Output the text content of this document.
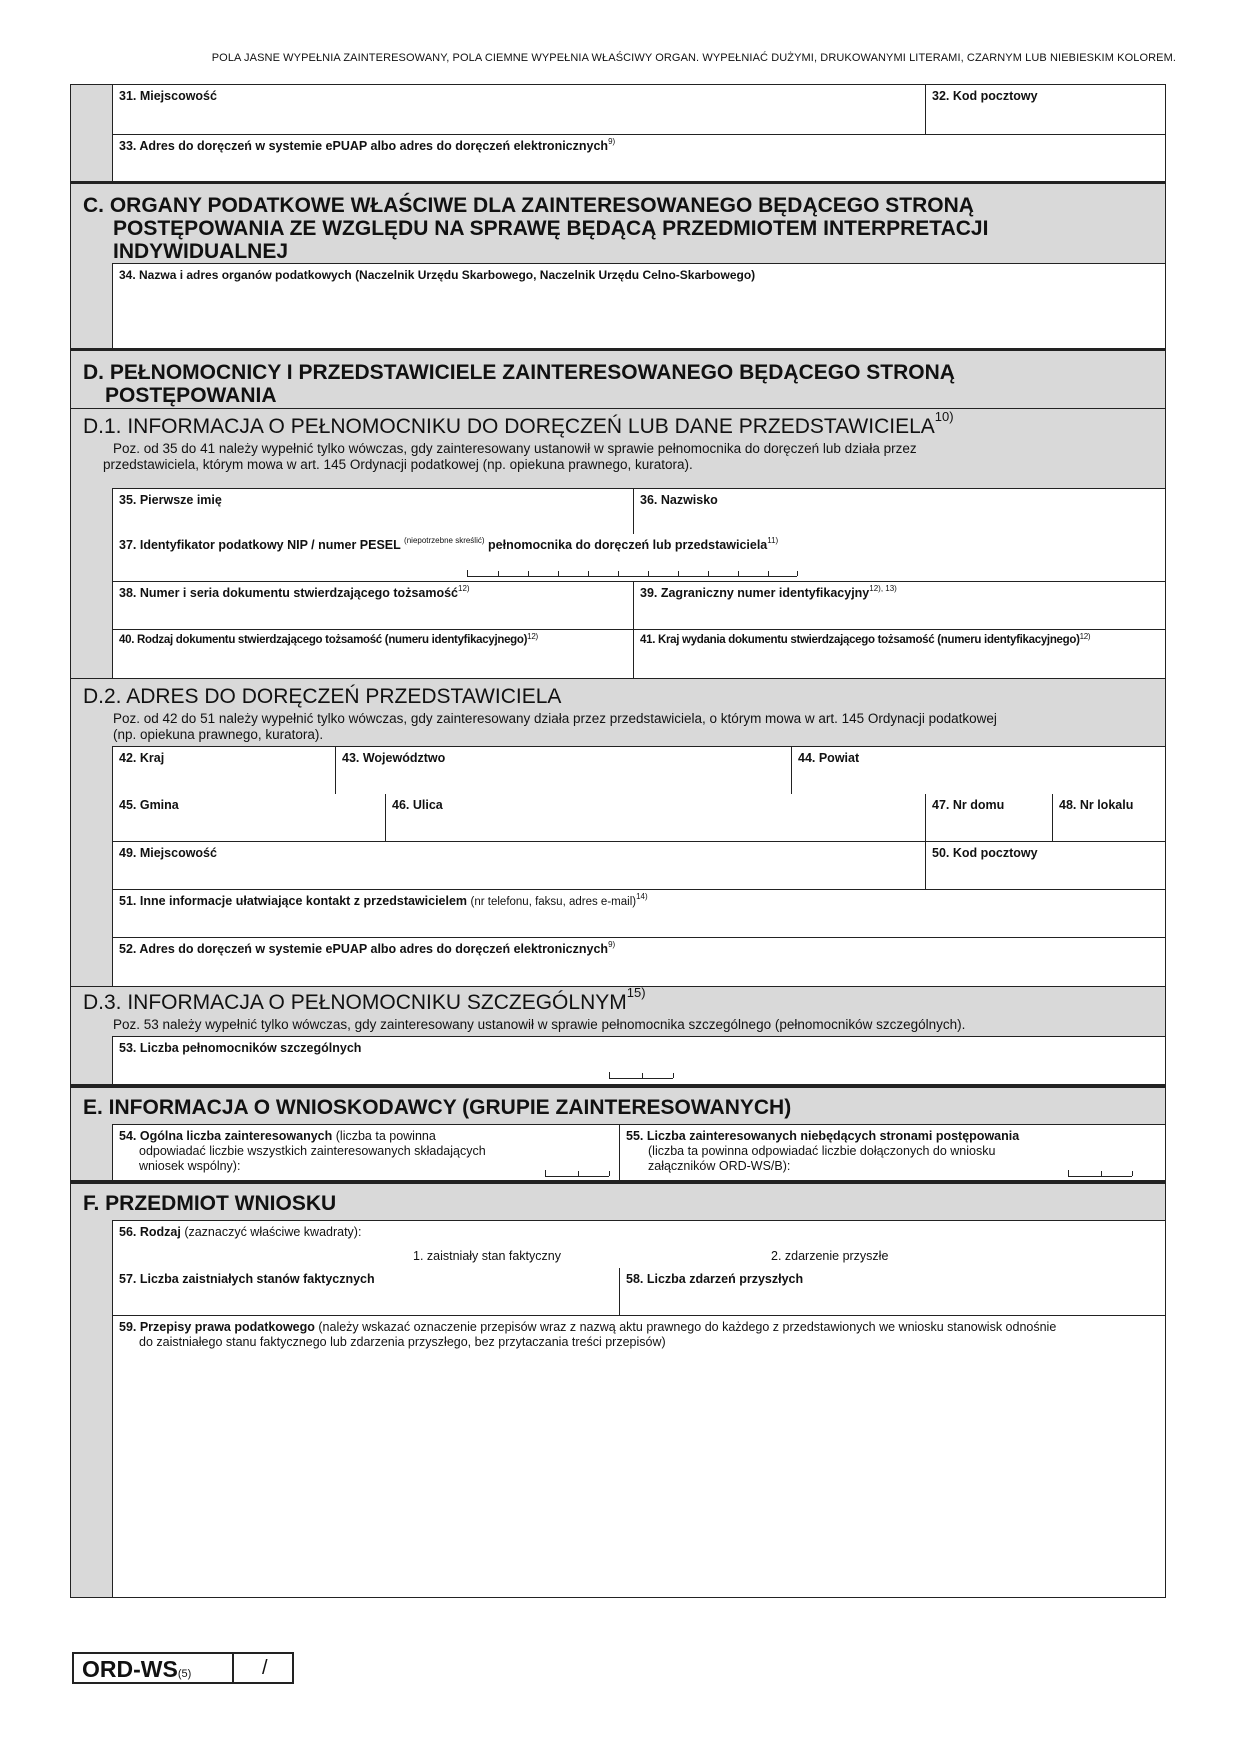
POLA JASNE WYPEŁNIA ZAINTERESOWANY, POLA CIEMNE WYPEŁNIA WŁAŚCIWY ORGAN. WYPEŁNIAĆ DUŻYMI, DRUKOWANYMI LITERAMI, CZARNYM LUB NIEBIESKIM KOLOREM.
31. Miejscowość	32. Kod pocztowy
33. Adres do doręczeń w systemie ePUAP albo adres do doręczeń elektronicznych$^{9)}$
C. ORGANY PODATKOWE WŁAŚCIWE DLA ZAINTERESOWANEGO BĘDĄCEGO STRONĄ
POSTĘPOWANIA ZE WZGLĘDU NA SPRAWĘ BĘDĄCĄ PRZEDMIOTEM INTERPRETACJI
INDYWIDUALNEJ
34. Nazwa i adres organów podatkowych (Naczelnik Urzędu Skarbowego, Naczelnik Urzędu Celno-Skarbowego)
D. PEŁNOMOCNICY I PRZEDSTAWICIELE ZAINTERESOWANEGO BĘDĄCEGO STRONĄ
POSTĘPOWANIA
D.1. INFORMACJA O PEŁNOMOCNIKU DO DORĘCZEŃ LUB DANE PRZEDSTAWICIELA$^{10)}$
Poz. od 35 do 41 należy wypełnić tylko wówczas, gdy zainteresowany ustanowił w sprawie pełnomocnika do doręczeń lub działa przez
przedstawiciela, którym mowa w art. 145 Ordynacji podatkowej (np. opiekuna prawnego, kuratora).
35. Pierwsze imię	36. Nazwisko
37. Identyfikator podatkowy NIP / numer PESEL $^{(niepotrzebne skreślić)}$ pełnomocnika do doręczeń lub przedstawiciela$^{11)}$
38. Numer i seria dokumentu stwierdzającego tożsamość$^{12)}$	39. Zagraniczny numer identyfikacyjny$^{12), 13)}$
40. Rodzaj dokumentu stwierdzającego tożsamość (numeru identyfikacyjnego)$^{12)}$	41. Kraj wydania dokumentu stwierdzającego tożsamość (numeru identyfikacyjnego)$^{12)}$
D.2. ADRES DO DORĘCZEŃ PRZEDSTAWICIELA
Poz. od 42 do 51 należy wypełnić tylko wówczas, gdy zainteresowany działa przez przedstawiciela, o którym mowa w art. 145 Ordynacji podatkowej
(np. opiekuna prawnego, kuratora).
42. Kraj	43. Województwo	44. Powiat
45. Gmina	46. Ulica	47. Nr domu	48. Nr lokalu
49. Miejscowość	50. Kod pocztowy
51. Inne informacje ułatwiające kontakt z przedstawicielem (nr telefonu, faksu, adres e-mail)$^{14)}$
52. Adres do doręczeń w systemie ePUAP albo adres do doręczeń elektronicznych$^{9)}$
D.3. INFORMACJA O PEŁNOMOCNIKU SZCZEGÓLNYM$^{15)}$
Poz. 53 należy wypełnić tylko wówczas, gdy zainteresowany ustanowił w sprawie pełnomocnika szczególnego (pełnomocników szczególnych).
53. Liczba pełnomocników szczególnych
E. INFORMACJA O WNIOSKODAWCY (GRUPIE ZAINTERESOWANYCH)
54. Ogólna liczba zainteresowanych (liczba ta powinna
odpowiadać liczbie wszystkich zainteresowanych składających
wniosek wspólny):
55. Liczba zainteresowanych niebędących stronami postępowania
(liczba ta powinna odpowiadać liczbie dołączonych do wniosku
załączników ORD-WS/B):
F. PRZEDMIOT WNIOSKU
56. Rodzaj (zaznaczyć właściwe kwadraty):
1. zaistniały stan faktyczny	2. zdarzenie przyszłe
57. Liczba zaistniałych stanów faktycznych	58. Liczba zdarzeń przyszłych
59. Przepisy prawa podatkowego (należy wskazać oznaczenie przepisów wraz z nazwą aktu prawnego do każdego z przedstawionych we wniosku stanowisk odnośnie
do zaistniałego stanu faktycznego lub zdarzenia przyszłego, bez przytaczania treści przepisów)
ORD-WS(5)	/
